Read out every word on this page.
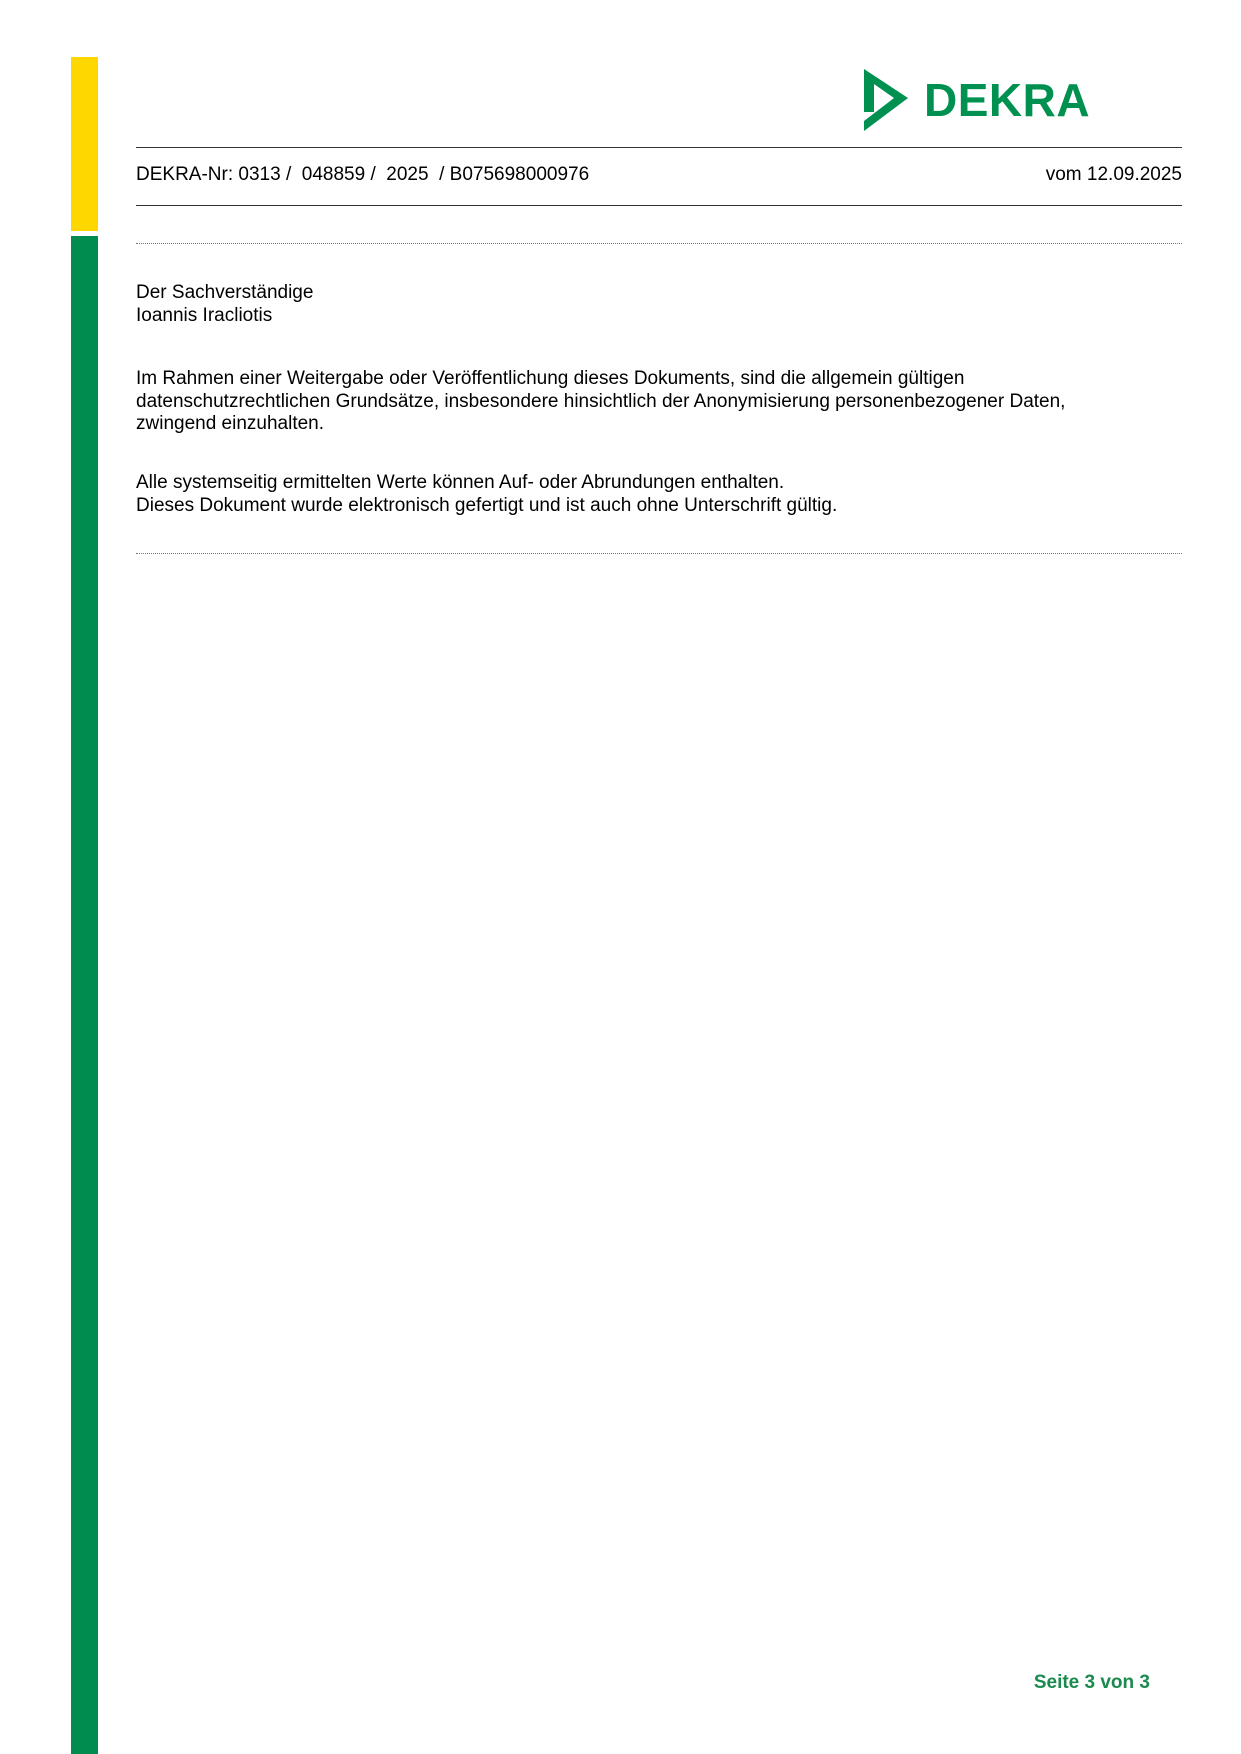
DEKRA
DEKRA-Nr: 0313 /  048859 /  2025  / B075698000976	vom 12.09.2025

Der Sachverständige

Ioannis Iracliotis

Im Rahmen einer Weitergabe oder Veröffentlichung dieses Dokuments, sind die allgemein gültigen

datenschutzrechtlichen Grundsätze, insbesondere hinsichtlich der Anonymisierung personenbezogener Daten,

zwingend einzuhalten.

Alle systemseitig ermittelten Werte können Auf- oder Abrundungen enthalten.

Dieses Dokument wurde elektronisch gefertigt und ist auch ohne Unterschrift gültig.

Seite 3 von 3
